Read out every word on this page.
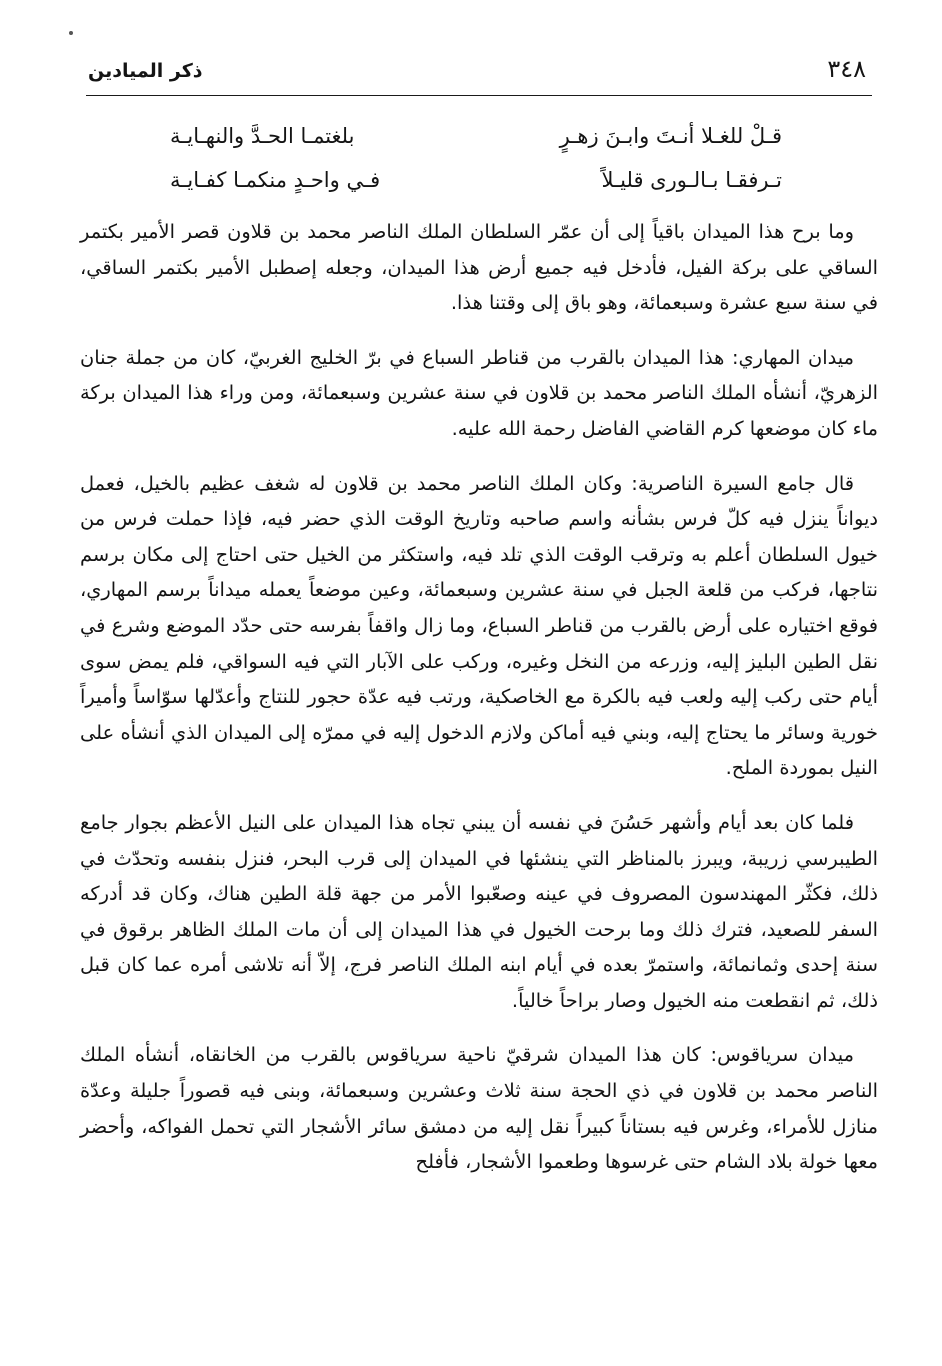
٣٤٨
ذكر الميادين
قـلْ للغـلا أنـتَ وابـنَ زهـرٍ
بلغتمـا الحـدَّ والنهـايـة
تـرفقـا بـالـورى قليـلاً
فـي واحـدٍ منكمـا كفـايـة

وما برح هذا الميدان باقياً إلى أن عمّر السلطان الملك الناصر محمد بن قلاون قصر الأمير بكتمر الساقي على بركة الفيل، فأدخل فيه جميع أرض هذا الميدان، وجعله إصطبل الأمير بكتمر الساقي، في سنة سبع عشرة وسبعمائة، وهو باق إلى وقتنا هذا.

ميدان المهاري: هذا الميدان بالقرب من قناطر السباع في برّ الخليج الغربيّ، كان من جملة جنان الزهريّ، أنشأه الملك الناصر محمد بن قلاون في سنة عشرين وسبعمائة، ومن وراء هذا الميدان بركة ماء كان موضعها كرم القاضي الفاضل رحمة الله عليه.

قال جامع السيرة الناصرية: وكان الملك الناصر محمد بن قلاون له شغف عظيم بالخيل، فعمل ديواناً ينزل فيه كلّ فرس بشأنه واسم صاحبه وتاريخ الوقت الذي حضر فيه، فإذا حملت فرس من خيول السلطان أعلم به وترقب الوقت الذي تلد فيه، واستكثر من الخيل حتى احتاج إلى مكان برسم نتاجها، فركب من قلعة الجبل في سنة عشرين وسبعمائة، وعين موضعاً يعمله ميداناً برسم المهاري، فوقع اختياره على أرض بالقرب من قناطر السباع، وما زال واقفاً بفرسه حتى حدّد الموضع وشرع في نقل الطين البليز إليه، وزرعه من النخل وغيره، وركب على الآبار التي فيه السواقي، فلم يمض سوى أيام حتى ركب إليه ولعب فيه بالكرة مع الخاصكية، ورتب فيه عدّة حجور للنتاج وأعدّلها سوّاساً وأميراً خورية وسائر ما يحتاج إليه، وبني فيه أماكن ولازم الدخول إليه في ممرّه إلى الميدان الذي أنشأه على النيل بموردة الملح.

فلما كان بعد أيام وأشهر حَسُنَ في نفسه أن يبني تجاه هذا الميدان على النيل الأعظم بجوار جامع الطيبرسي زريبة، ويبرز بالمناظر التي ينشئها في الميدان إلى قرب البحر، فنزل بنفسه وتحدّث في ذلك، فكثّر المهندسون المصروف في عينه وصعّبوا الأمر من جهة قلة الطين هناك، وكان قد أدركه السفر للصعيد، فترك ذلك وما برحت الخيول في هذا الميدان إلى أن مات الملك الظاهر برقوق في سنة إحدى وثمانمائة، واستمرّ بعده في أيام ابنه الملك الناصر فرج، إلاّ أنه تلاشى أمره عما كان قبل ذلك، ثم انقطعت منه الخيول وصار براحاً خالياً.

ميدان سرياقوس: كان هذا الميدان شرقيّ ناحية سرياقوس بالقرب من الخانقاه، أنشأه الملك الناصر محمد بن قلاون في ذي الحجة سنة ثلاث وعشرين وسبعمائة، وبنى فيه قصوراً جليلة وعدّة منازل للأمراء، وغرس فيه بستاناً كبيراً نقل إليه من دمشق سائر الأشجار التي تحمل الفواكه، وأحضر معها خولة بلاد الشام حتى غرسوها وطعموا الأشجار، فأفلح
